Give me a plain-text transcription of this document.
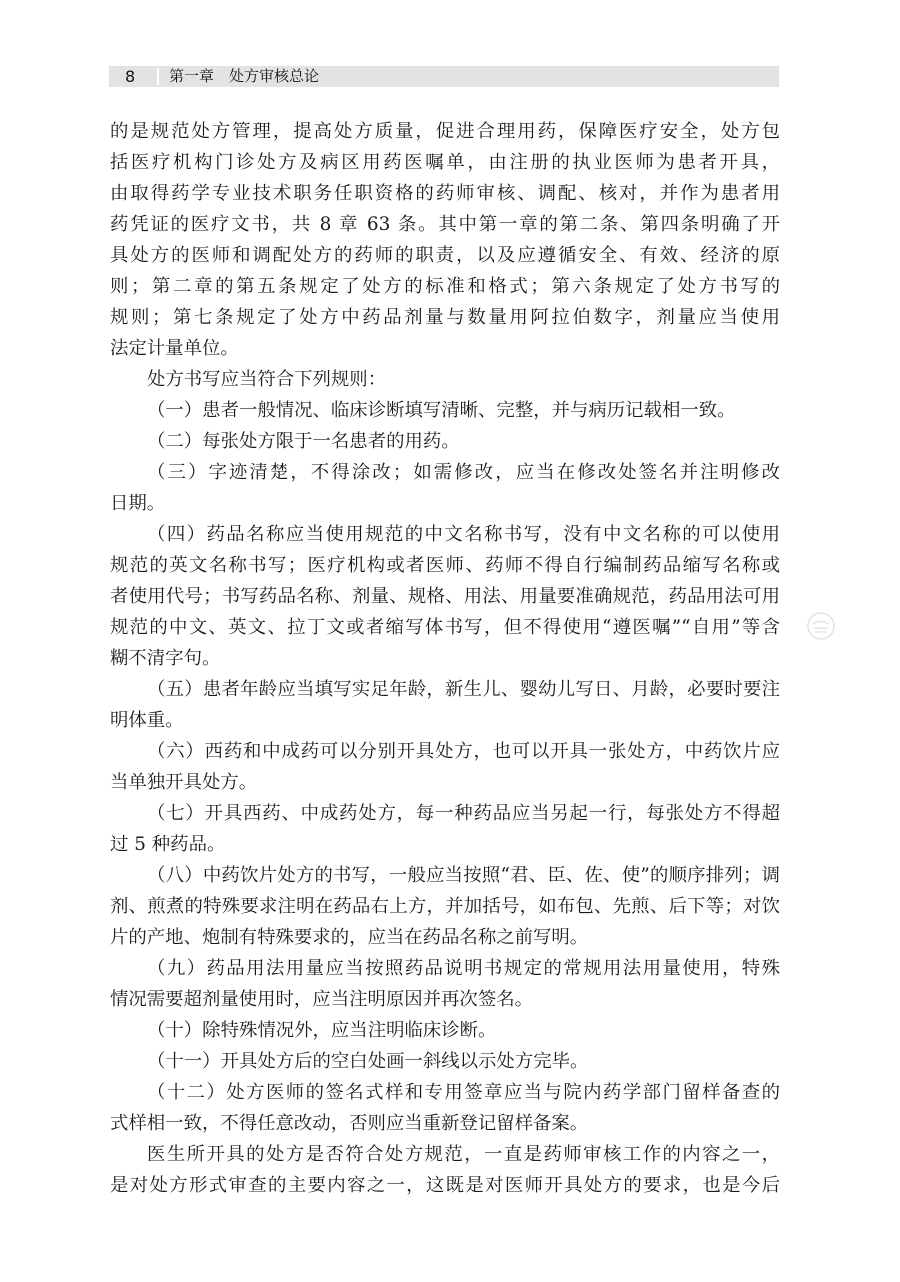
8 第一章　处方审核总论
的是规范处方管理，提高处方质量，促进合理用药，保障医疗安全，处方包
括医疗机构门诊处方及病区用药医嘱单，由注册的执业医师为患者开具，
由取得药学专业技术职务任职资格的药师审核、调配、核对，并作为患者用
药凭证的医疗文书，共 8 章 63 条。其中第一章的第二条、第四条明确了开
具处方的医师和调配处方的药师的职责，以及应遵循安全、有效、经济的原
则；第二章的第五条规定了处方的标准和格式；第六条规定了处方书写的
规则；第七条规定了处方中药品剂量与数量用阿拉伯数字，剂量应当使用
法定计量单位。
处方书写应当符合下列规则：
（一）患者一般情况、临床诊断填写清晰、完整，并与病历记载相一致。
（二）每张处方限于一名患者的用药。
（三）字迹清楚，不得涂改；如需修改，应当在修改处签名并注明修改
日期。
（四）药品名称应当使用规范的中文名称书写，没有中文名称的可以使用
规范的英文名称书写；医疗机构或者医师、药师不得自行编制药品缩写名称或
者使用代号；书写药品名称、剂量、规格、用法、用量要准确规范，药品用法可用
规范的中文、英文、拉丁文或者缩写体书写，但不得使用“遵医嘱”“自用”等含
糊不清字句。
（五）患者年龄应当填写实足年龄，新生儿、婴幼儿写日、月龄，必要时要注
明体重。
（六）西药和中成药可以分别开具处方，也可以开具一张处方，中药饮片应
当单独开具处方。
（七）开具西药、中成药处方，每一种药品应当另起一行，每张处方不得超
过 5 种药品。
（八）中药饮片处方的书写，一般应当按照“君、臣、佐、使”的顺序排列；调
剂、煎煮的特殊要求注明在药品右上方，并加括号，如布包、先煎、后下等；对饮
片的产地、炮制有特殊要求的，应当在药品名称之前写明。
（九）药品用法用量应当按照药品说明书规定的常规用法用量使用，特殊
情况需要超剂量使用时，应当注明原因并再次签名。
（十）除特殊情况外，应当注明临床诊断。
（十一）开具处方后的空白处画一斜线以示处方完毕。
（十二）处方医师的签名式样和专用签章应当与院内药学部门留样备查的
式样相一致，不得任意改动，否则应当重新登记留样备案。
医生所开具的处方是否符合处方规范，一直是药师审核工作的内容之一，
是对处方形式审查的主要内容之一，这既是对医师开具处方的要求，也是今后
